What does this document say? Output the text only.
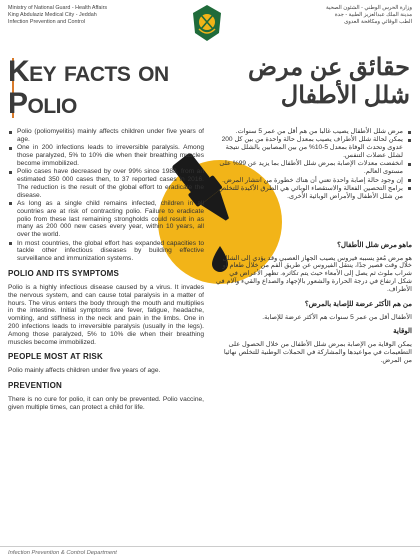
Ministry of National Guard - Health Affairs
King Abdulaziz Medical City - Jeddah
Infection Prevention and Control
وزارة الحرس الوطني - الشئون الصحية
مدينة الملك عبدالعزيز الطبية - جدة
الطب الوقائي ومكافحة العدوى
Key facts on
Polio
حقائق عن مرض شلل الأطفال
Polio (poliomyelitis) mainly affects children under five years of age.
One in 200 infections leads to irreversible paralysis. Among those paralyzed, 5% to 10% die when their breathing muscles become immobilized.
Polio cases have decreased by over 99% since 1988, from an estimated 350 000 cases then, to 37 reported cases in 2016. The reduction is the result of the global effort to eradicate the disease.
As long as a single child remains infected, children in all countries are at risk of contracting polio. Failure to eradicate polio from these last remaining strongholds could result in as many as 200 000 new cases every year, within 10 years, all over the world.
In most countries, the global effort has expanded capacities to tackle other infectious diseases by building effective surveillance and immunization systems.
POLIO AND ITS SYMPTOMS

Polio is a highly infectious disease caused by a virus. It invades the nervous system, and can cause total paralysis in a matter of hours. The virus enters the body through the mouth and multiplies in the intestine. Initial symptoms are fever, fatigue, headache, vomiting, and stiffness in the neck and pain in the limbs. One in 200 infections leads to irreversible paralysis (usually in the legs). Among those paralyzed, 5% to 10% die when their breathing muscles become immobilized.

PEOPLE MOST AT RISK

Polio mainly affects children under five years of age.

PREVENTION

There is no cure for polio, it can only be prevented. Polio vaccine, given multiple times, can protect a child for life.

مرض شلل الأطفال يصيب غالبا من هم أقل من عمر 5 سنوات.
يمكن لحالة شلل الأطراف يصيب بمعدل حالة واحدة من بين كل 200 عدوى وتحدث الوفاة بمعدل 5-10% من بين المصابين بالشلل نتيجة لشلل عضلات التنفس.
انخفضت معدلات الإصابة بمرض شلل الأطفال بما يزيد عن 99% على مستوى العالم.
إن وجود حالة إصابة واحدة تعني أن هناك خطورة من انتشار المرض.
برامج التحصين الفعالة والاستقصاء الوبائي هي الطرق الأكيدة للتخلص من شلل الأطفال والأمراض الوبائية الأخرى.
ماهو مرض شلل الأطفال؟

هو مرض مُعدٍ يسببه فيروس يصيب الجهاز العصبي وقد يؤدي إلى الشلل خلال وقت قصير جدًا، ينتقل الفيروس عن طريق الفم من خلال طعام أو شراب ملوث ثم يصل إلى الأمعاء حيث يتم تكاثره. تظهر الأعراض في شكل ارتفاع في درجة الحرارة والشعور بالإجهاد والصداع والقيء وآلام في الأطراف.

من هم الأكثر عرضة للإصابة بالمرض؟

الأطفال أقل من عمر 5 سنوات هم الأكثر عرضة للإصابة.

الوقاية

يمكن الوقاية من الإصابة بمرض شلل الأطفال من خلال الحصول على التطعيمات في مواعيدها والمشاركة في الحملات الوطنية للتخلص نهائيا من المرض.

Infection Prevention & Control Department
